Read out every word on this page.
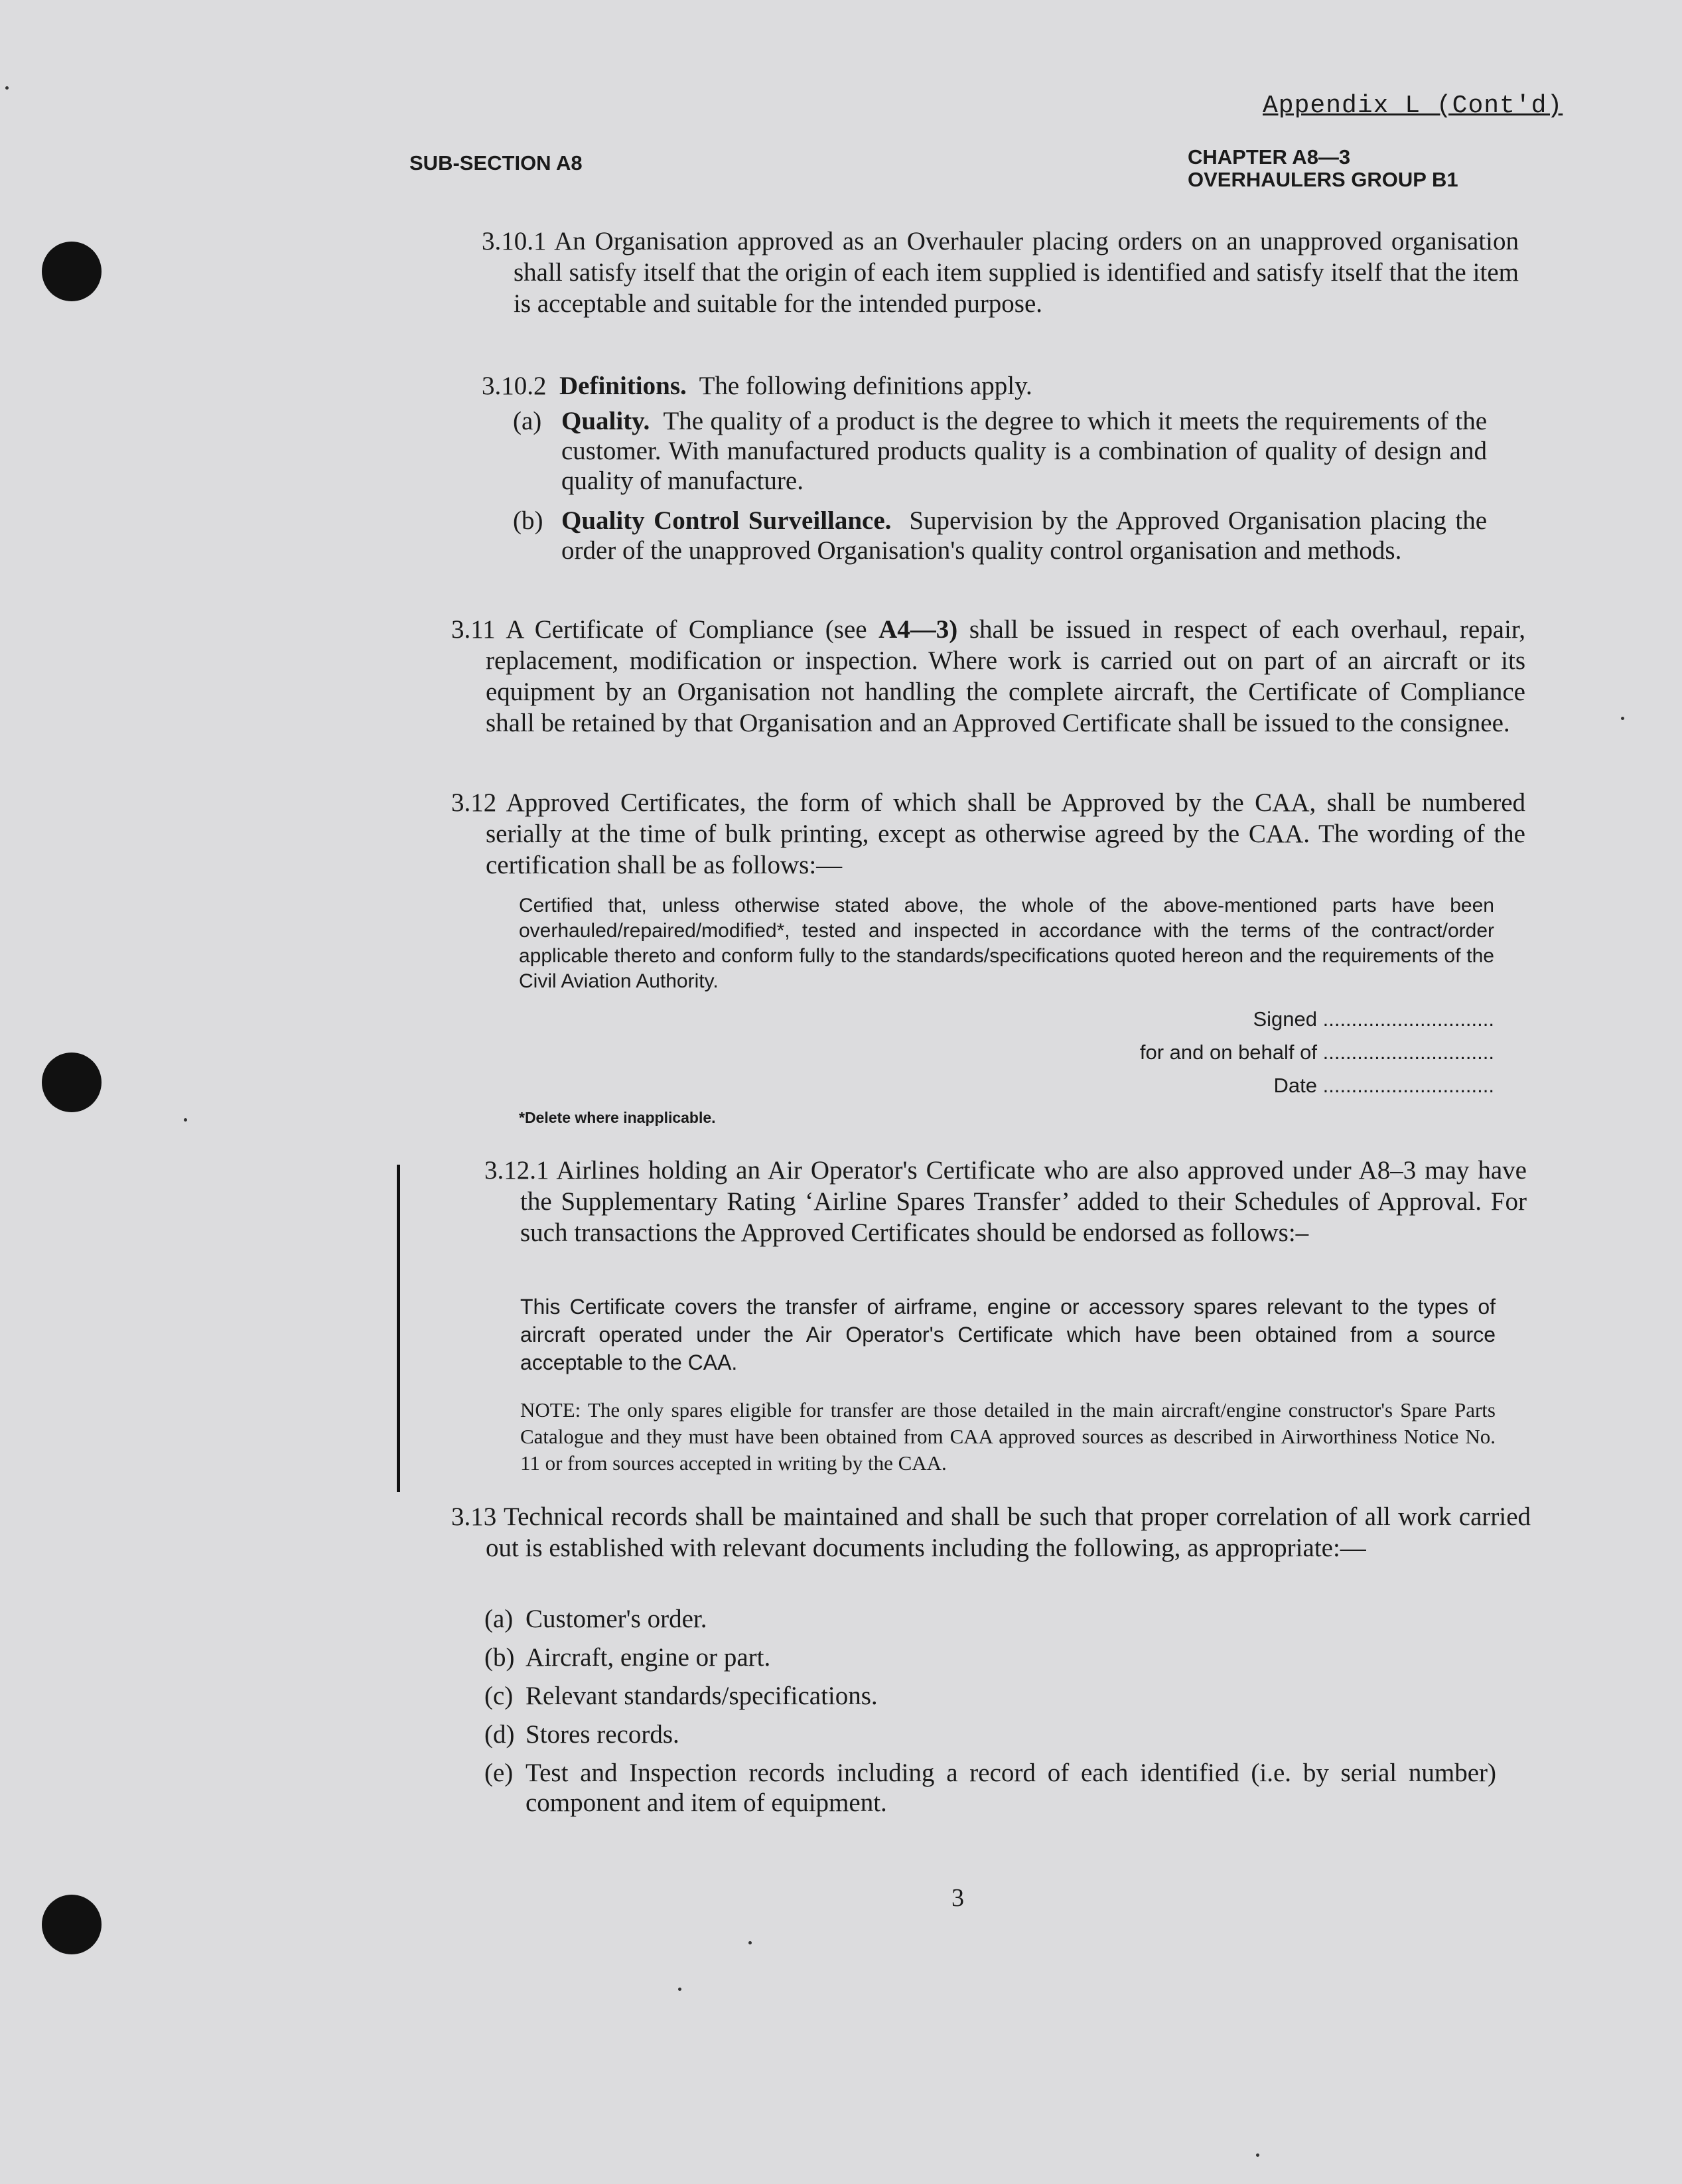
Appendix L (Cont'd)
SUB-SECTION A8	CHAPTER A8—3
OVERHAULERS GROUP B1
3.10.1 An Organisation approved as an Overhauler placing orders on an unapproved organisation shall satisfy itself that the origin of each item supplied is identified and satisfy itself that the item is acceptable and suitable for the intended purpose.
3.10.2 Definitions. The following definitions apply.
(a) Quality. The quality of a product is the degree to which it meets the requirements of the customer. With manufactured products quality is a combination of quality of design and quality of manufacture.
(b) Quality Control Surveillance. Supervision by the Approved Organisation placing the order of the unapproved Organisation's quality control organisation and methods.
3.11 A Certificate of Compliance (see A4—3) shall be issued in respect of each overhaul, repair, replacement, modification or inspection. Where work is carried out on part of an aircraft or its equipment by an Organisation not handling the complete aircraft, the Certificate of Compliance shall be retained by that Organisation and an Approved Certificate shall be issued to the consignee.
3.12 Approved Certificates, the form of which shall be Approved by the CAA, shall be numbered serially at the time of bulk printing, except as otherwise agreed by the CAA. The wording of the certification shall be as follows:—
Certified that, unless otherwise stated above, the whole of the above-mentioned parts have been overhauled/repaired/modified*, tested and inspected in accordance with the terms of the contract/order applicable thereto and conform fully to the standards/specifications quoted hereon and the requirements of the Civil Aviation Authority.
Signed ..............................
for and on behalf of ..............................
Date ..............................
*Delete where inapplicable.
3.12.1 Airlines holding an Air Operator's Certificate who are also approved under A8–3 may have the Supplementary Rating ‘Airline Spares Transfer’ added to their Schedules of Approval. For such transactions the Approved Certificates should be endorsed as follows:–
This Certificate covers the transfer of airframe, engine or accessory spares relevant to the types of aircraft operated under the Air Operator's Certificate which have been obtained from a source acceptable to the CAA.
NOTE: The only spares eligible for transfer are those detailed in the main aircraft/engine constructor's Spare Parts Catalogue and they must have been obtained from CAA approved sources as described in Airworthiness Notice No. 11 or from sources accepted in writing by the CAA.
3.13 Technical records shall be maintained and shall be such that proper correlation of all work carried out is established with relevant documents including the following, as appropriate:—
(a) Customer's order.
(b) Aircraft, engine or part.
(c) Relevant standards/specifications.
(d) Stores records.
(e) Test and Inspection records including a record of each identified (i.e. by serial number) component and item of equipment.
3
